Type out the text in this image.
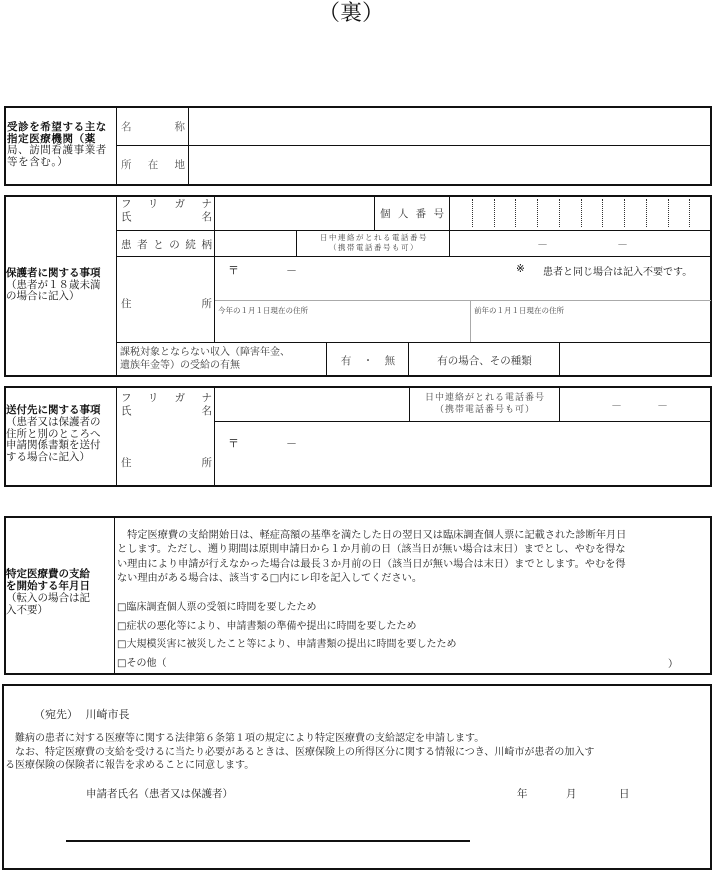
（裏）
受診を希望する主な
指定医療機関（薬
局、訪問看護事業者
等を含む。）
名	称
所 在 地
保護者に関する事項
（患者が１８歳未満
の場合に記入）
フ リ ガ ナ
氏	名	個 人 番 号
患 者 と の 続 柄
日中連絡がとれる電話番号
（携帯電話番号も可）	－	－
住	所
〒	－	※ 患者と同じ場合は記入不要です。
今年の１月１日現在の住所	前年の１月１日現在の住所
課税対象とならない収入（障害年金、
遺族年金等）の受給の有無	有 ・ 無	有の場合、その種類
送付先に関する事項
（患者又は保護者の
住所と別のところへ
申請関係書類を送付
する場合に記入）
フ リ ガ ナ
氏	名
日中連絡がとれる電話番号
（携帯電話番号も可）	－	－
住	所
〒	－
特定医療費の支給
を開始する年月日
（転入の場合は記
入不要）
　特定医療費の支給開始日は、軽症高額の基準を満たした日の翌日又は臨床調査個人票に記載された診断年月日
とします。ただし、遡り期間は原則申請日から１か月前の日（該当日が無い場合は末日）までとし、やむを得な
い理由により申請が行えなかった場合は最長３か月前の日（該当日が無い場合は末日）までとします。やむを得
ない理由がある場合は、該当する□内にレ印を記入してください。
□臨床調査個人票の受領に時間を要したため
□症状の悪化等により、申請書類の準備や提出に時間を要したため
□大規模災害に被災したこと等により、申請書類の提出に時間を要したため
□その他（	）
（宛先） 川崎市長
　難病の患者に対する医療等に関する法律第６条第１項の規定により特定医療費の支給認定を申請します。
　なお、特定医療費の支給を受けるに当たり必要があるときは、医療保険上の所得区分に関する情報につき、川崎市が患者の加入す
る医療保険の保険者に報告を求めることに同意します。
申請者氏名（患者又は保護者）	年	月	日
